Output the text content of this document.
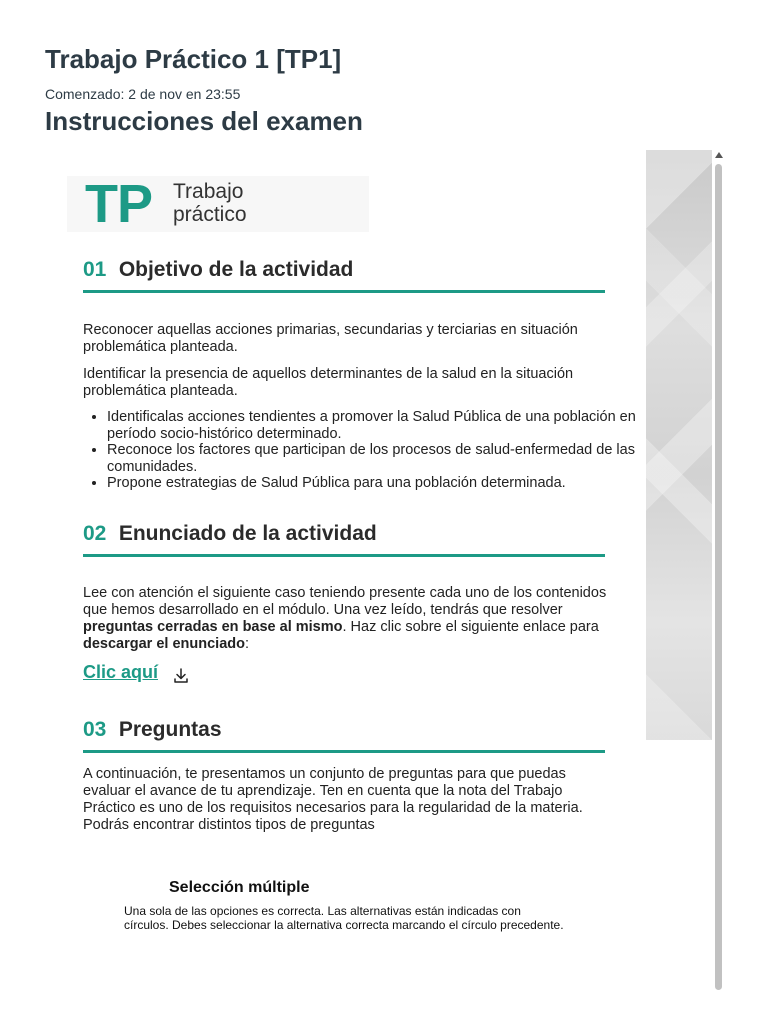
Trabajo Práctico 1 [TP1]
Comenzado: 2 de nov en 23:55
Instrucciones del examen
TP Trabajo
práctico
01 Objetivo de la actividad

Reconocer aquellas acciones primarias, secundarias y terciarias en situación problemática planteada.

Identificar la presencia de aquellos determinantes de la salud en la situación problemática planteada.

• Identificalas acciones tendientes a promover la Salud Pública de una población en período socio-histórico determinado.
• Reconoce los factores que participan de los procesos de salud-enfermedad de las comunidades.
• Propone estrategias de Salud Pública para una población determinada.
02 Enunciado de la actividad

Lee con atención el siguiente caso teniendo presente cada uno de los contenidos que hemos desarrollado en el módulo. Una vez leído, tendrás que resolver preguntas cerradas en base al mismo. Haz clic sobre el siguiente enlace para descargar el enunciado:

Clic aquí
03 Preguntas

A continuación, te presentamos un conjunto de preguntas para que puedas evaluar el avance de tu aprendizaje. Ten en cuenta que la nota del Trabajo Práctico es uno de los requisitos necesarios para la regularidad de la materia. Podrás encontrar distintos tipos de preguntas

Selección múltiple

Una sola de las opciones es correcta. Las alternativas están indicadas con círculos. Debes seleccionar la alternativa correcta marcando el círculo precedente.
